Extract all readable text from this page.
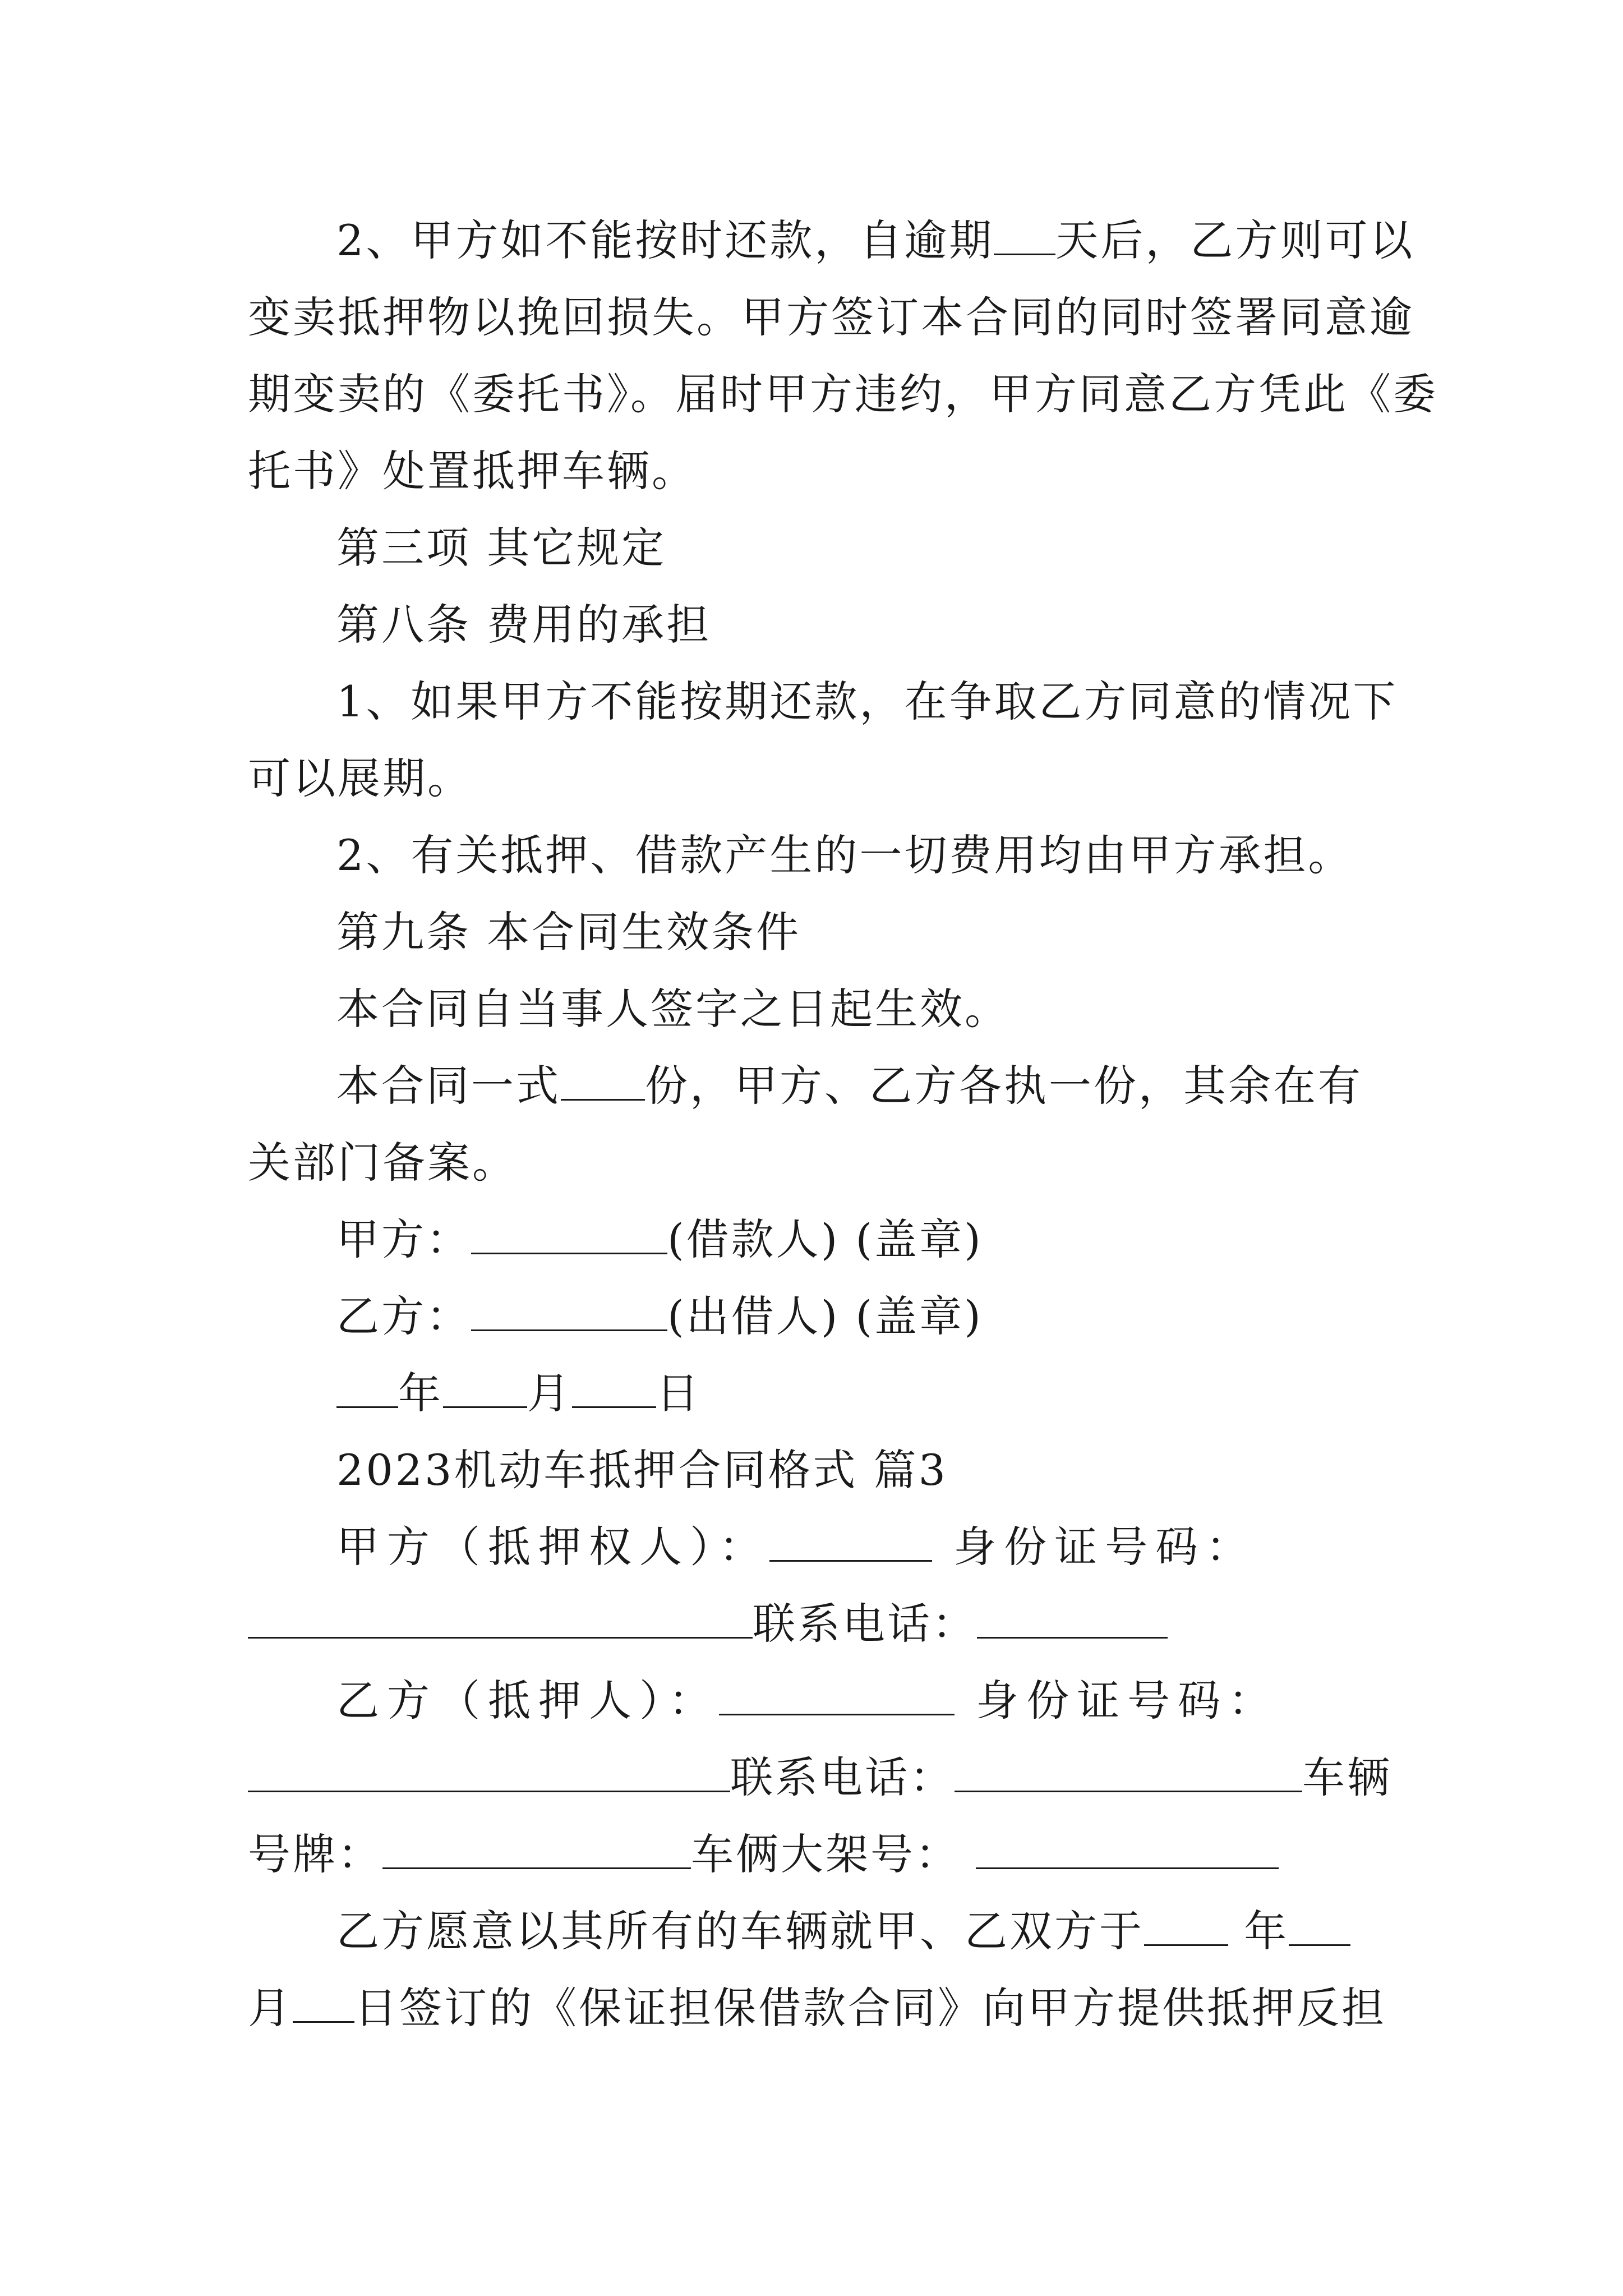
2、甲方如不能按时还款，自逾期 天后，乙方则可以
变卖抵押物以挽回损失。甲方签订本合同的同时签署同意逾
期变卖的《委托书》。届时甲方违约，甲方同意乙方凭此《委
托书》处置抵押车辆。
第三项 其它规定
第八条 费用的承担
1、如果甲方不能按期还款，在争取乙方同意的情况下
可以展期。
2、有关抵押、借款产生的一切费用均由甲方承担。
第九条 本合同生效条件
本合同自当事人签字之日起生效。
本合同一式 份，甲方、乙方各执一份，其余在有
关部门备案。
甲方：	(借款人) (盖章)
乙方：	(出借人) (盖章)
年 月 日
2023机动车抵押合同格式 篇3
甲方（抵押权人）：	身份证号码：
联系电话：
乙方（抵押人）：	身份证号码：
联系电话：	车辆
号牌：	车俩大架号：
乙方愿意以其所有的车辆就甲、乙双方于 年
月 日签订的《保证担保借款合同》向甲方提供抵押反担
